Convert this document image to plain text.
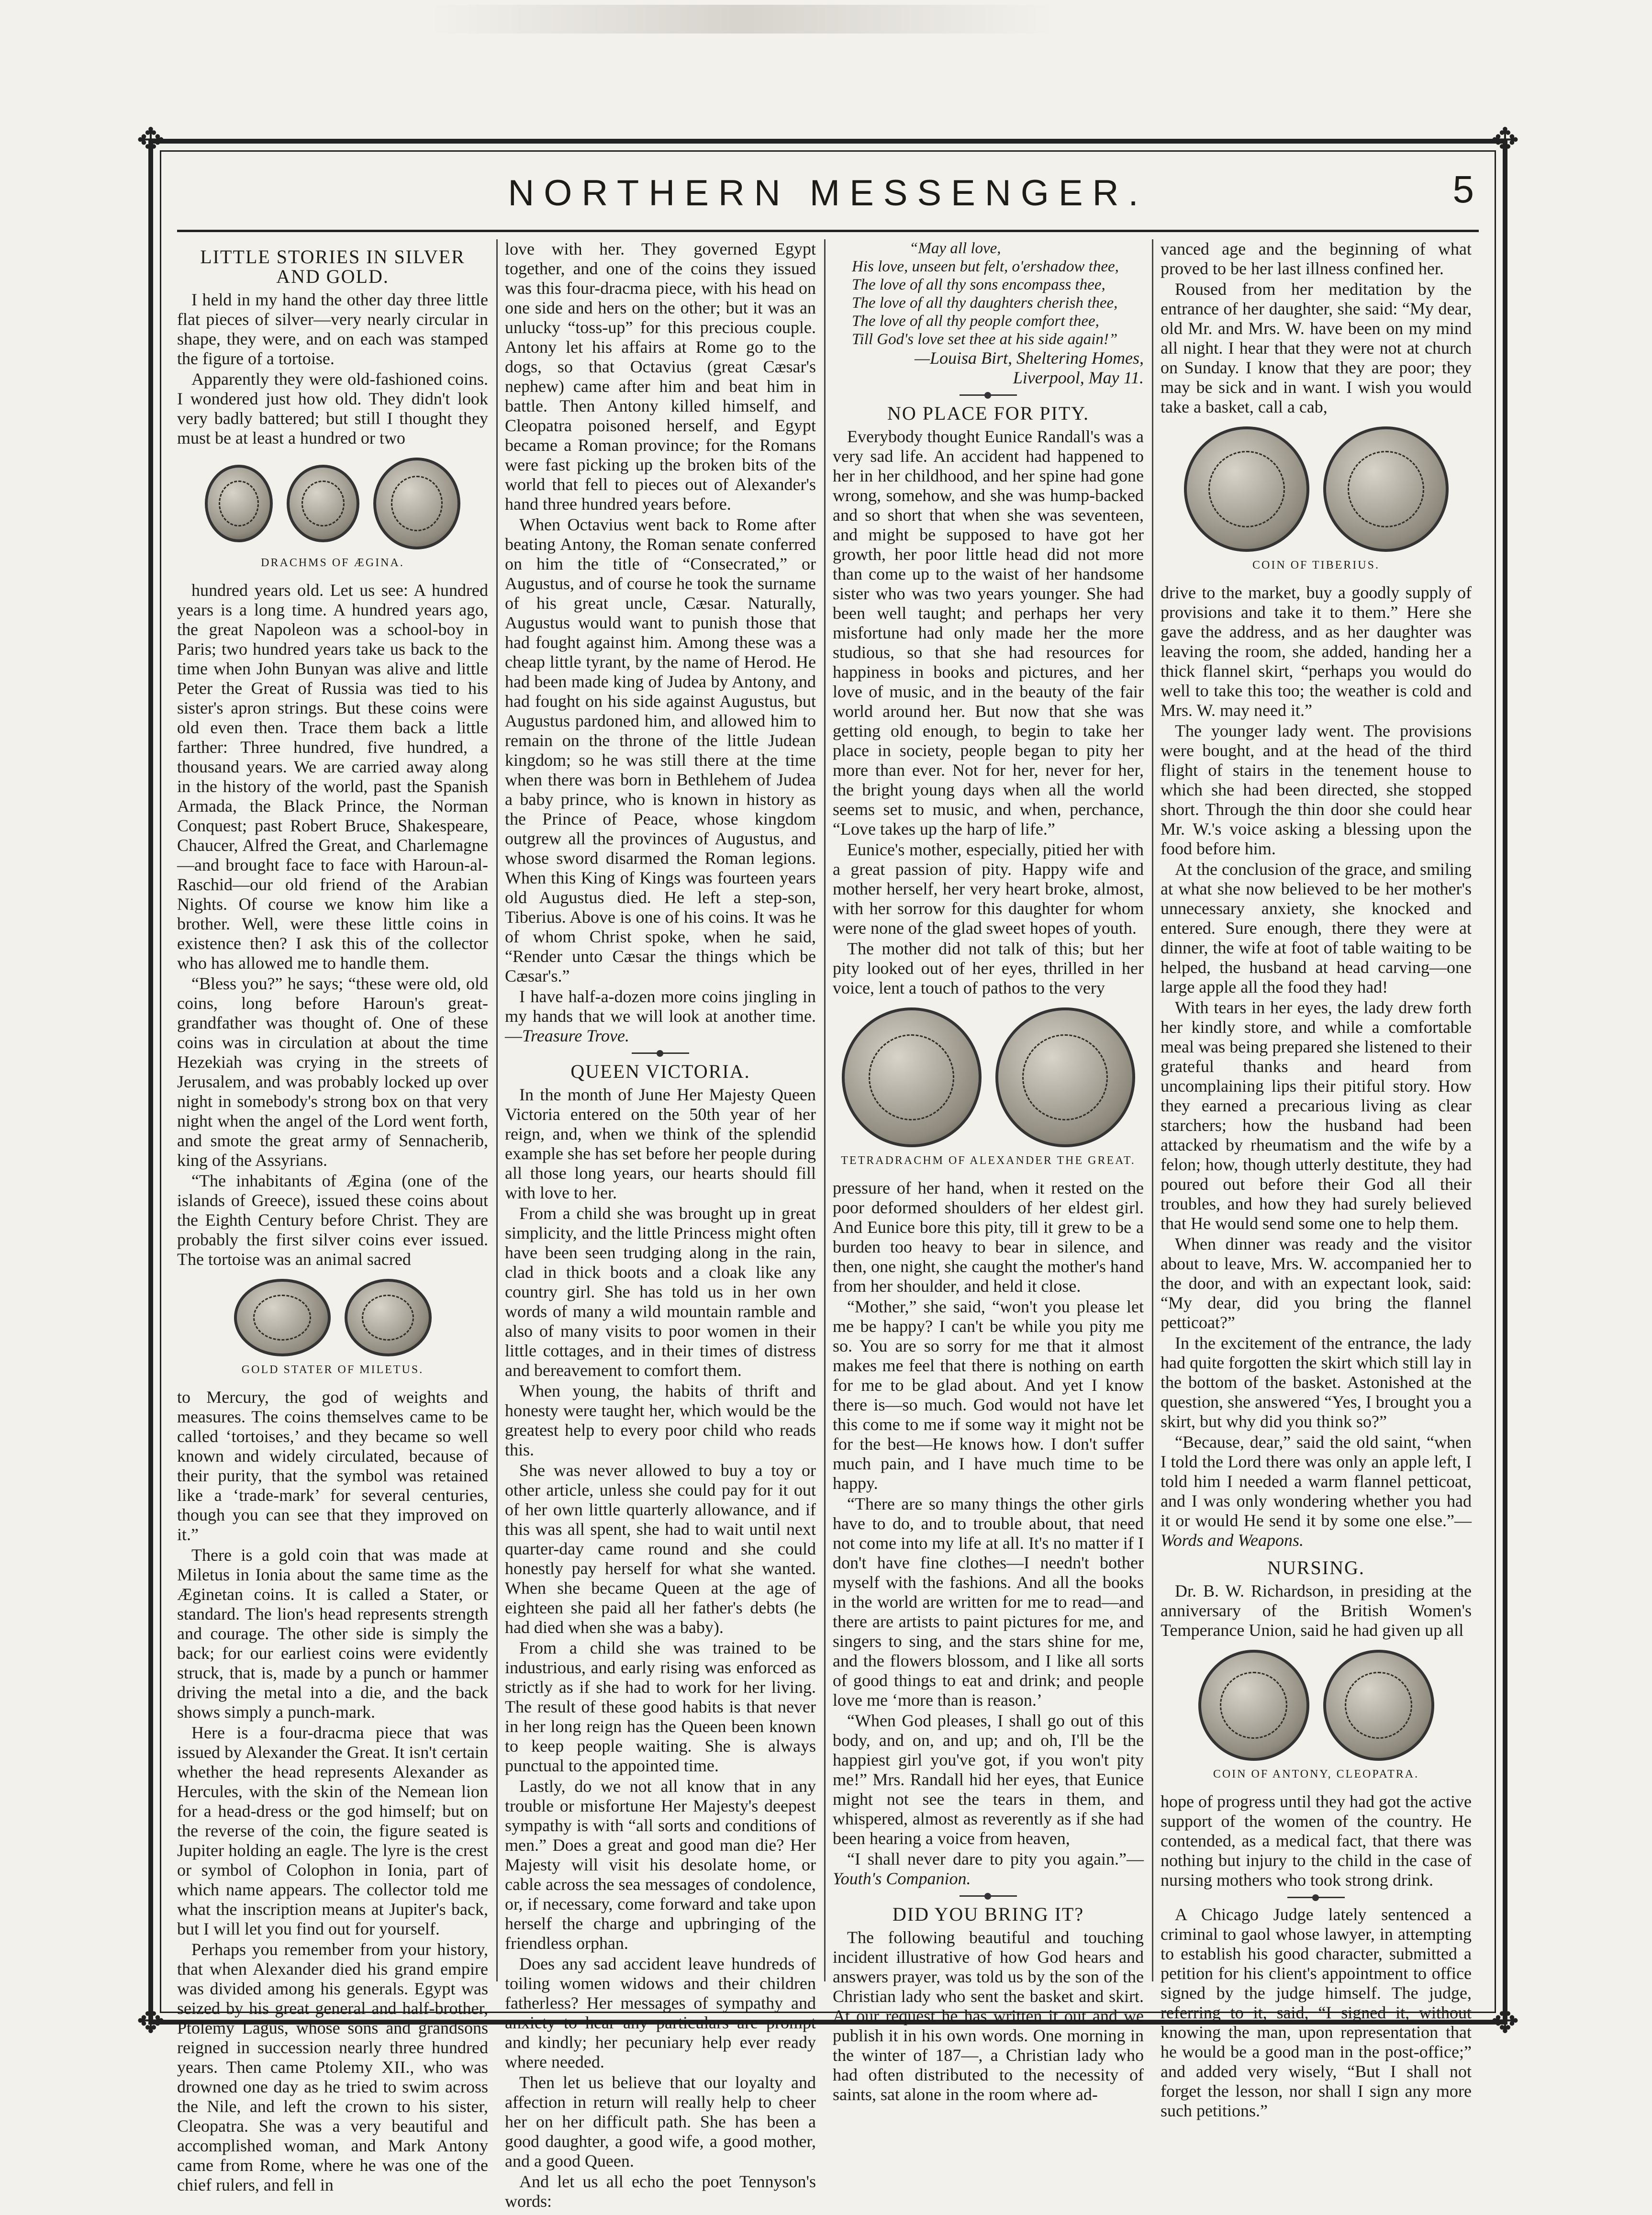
✥	✥
✥	✥
NORTHERN MESSENGER.	5
LITTLE STORIES IN SILVER AND GOLD.

I held in my hand the other day three little flat pieces of silver—very nearly circular in shape, they were, and on each was stamped the figure of a tortoise.

Apparently they were old-fashioned coins. I wondered just how old. They didn't look very badly battered; but still I thought they must be at least a hundred or two

DRACHMS OF ÆGINA.

hundred years old. Let us see: A hundred years is a long time. A hundred years ago, the great Napoleon was a school-boy in Paris; two hundred years take us back to the time when John Bunyan was alive and little Peter the Great of Russia was tied to his sister's apron strings. But these coins were old even then. Trace them back a little farther: Three hundred, five hundred, a thousand years. We are carried away along in the history of the world, past the Spanish Armada, the Black Prince, the Norman Conquest; past Robert Bruce, Shakespeare, Chaucer, Alfred the Great, and Charlemagne—and brought face to face with Haroun-al-Raschid—our old friend of the Arabian Nights. Of course we know him like a brother. Well, were these little coins in existence then? I ask this of the collector who has allowed me to handle them.

“Bless you?” he says; “these were old, old coins, long before Haroun's great-grandfather was thought of. One of these coins was in circulation at about the time Hezekiah was crying in the streets of Jerusalem, and was probably locked up over night in somebody's strong box on that very night when the angel of the Lord went forth, and smote the great army of Sennacherib, king of the Assyrians.

“The inhabitants of Ægina (one of the islands of Greece), issued these coins about the Eighth Century before Christ. They are probably the first silver coins ever issued. The tortoise was an animal sacred

GOLD STATER OF MILETUS.

to Mercury, the god of weights and measures. The coins themselves came to be called ‘tortoises,’ and they became so well known and widely circulated, because of their purity, that the symbol was retained like a ‘trade-mark’ for several centuries, though you can see that they improved on it.”

There is a gold coin that was made at Miletus in Ionia about the same time as the Æginetan coins. It is called a Stater, or standard. The lion's head represents strength and courage. The other side is simply the back; for our earliest coins were evidently struck, that is, made by a punch or hammer driving the metal into a die, and the back shows simply a punch-mark.

Here is a four-dracma piece that was issued by Alexander the Great. It isn't certain whether the head represents Alexander as Hercules, with the skin of the Nemean lion for a head-dress or the god himself; but on the reverse of the coin, the figure seated is Jupiter holding an eagle. The lyre is the crest or symbol of Colophon in Ionia, part of which name appears. The collector told me what the inscription means at Jupiter's back, but I will let you find out for yourself.

Perhaps you remember from your history, that when Alexander died his grand empire was divided among his generals. Egypt was seized by his great general and half-brother, Ptolemy Lagus, whose sons and grandsons reigned in succession nearly three hundred years. Then came Ptolemy XII., who was drowned one day as he tried to swim across the Nile, and left the crown to his sister, Cleopatra. She was a very beautiful and accomplished woman, and Mark Antony came from Rome, where he was one of the chief rulers, and fell in

love with her. They governed Egypt together, and one of the coins they issued was this four-dracma piece, with his head on one side and hers on the other; but it was an unlucky “toss-up” for this precious couple. Antony let his affairs at Rome go to the dogs, so that Octavius (great Cæsar's nephew) came after him and beat him in battle. Then Antony killed himself, and Cleopatra poisoned herself, and Egypt became a Roman province; for the Romans were fast picking up the broken bits of the world that fell to pieces out of Alexander's hand three hundred years before.

When Octavius went back to Rome after beating Antony, the Roman senate conferred on him the title of “Consecrated,” or Augustus, and of course he took the surname of his great uncle, Cæsar. Naturally, Augustus would want to punish those that had fought against him. Among these was a cheap little tyrant, by the name of Herod. He had been made king of Judea by Antony, and had fought on his side against Augustus, but Augustus pardoned him, and allowed him to remain on the throne of the little Judean kingdom; so he was still there at the time when there was born in Bethlehem of Judea a baby prince, who is known in history as the Prince of Peace, whose kingdom outgrew all the provinces of Augustus, and whose sword disarmed the Roman legions. When this King of Kings was fourteen years old Augustus died. He left a step-son, Tiberius. Above is one of his coins. It was he of whom Christ spoke, when he said, “Render unto Cæsar the things which be Cæsar's.”

I have half-a-dozen more coins jingling in my hands that we will look at another time.—Treasure Trove.

QUEEN VICTORIA.

In the month of June Her Majesty Queen Victoria entered on the 50th year of her reign, and, when we think of the splendid example she has set before her people during all those long years, our hearts should fill with love to her.

From a child she was brought up in great simplicity, and the little Princess might often have been seen trudging along in the rain, clad in thick boots and a cloak like any country girl. She has told us in her own words of many a wild mountain ramble and also of many visits to poor women in their little cottages, and in their times of distress and bereavement to comfort them.

When young, the habits of thrift and honesty were taught her, which would be the greatest help to every poor child who reads this.

She was never allowed to buy a toy or other article, unless she could pay for it out of her own little quarterly allowance, and if this was all spent, she had to wait until next quarter-day came round and she could honestly pay herself for what she wanted. When she became Queen at the age of eighteen she paid all her father's debts (he had died when she was a baby).

From a child she was trained to be industrious, and early rising was enforced as strictly as if she had to work for her living. The result of these good habits is that never in her long reign has the Queen been known to keep people waiting. She is always punctual to the appointed time.

Lastly, do we not all know that in any trouble or misfortune Her Majesty's deepest sympathy is with “all sorts and conditions of men.” Does a great and good man die? Her Majesty will visit his desolate home, or cable across the sea messages of condolence, or, if necessary, come forward and take upon herself the charge and upbringing of the friendless orphan.

Does any sad accident leave hundreds of toiling women widows and their children fatherless? Her messages of sympathy and anxiety to hear any particulars are prompt and kindly; her pecuniary help ever ready where needed.

Then let us believe that our loyalty and affection in return will really help to cheer her on her difficult path. She has been a good daughter, a good wife, a good mother, and a good Queen.

And let us all echo the poet Tennyson's words:

“May all love,
His love, unseen but felt, o'ershadow thee,
The love of all thy sons encompass thee,
The love of all thy daughters cherish thee,
The love of all thy people comfort thee,
Till God's love set thee at his side again!”

—Louisa Birt, Sheltering Homes, Liverpool, May 11.

NO PLACE FOR PITY.

Everybody thought Eunice Randall's was a very sad life. An accident had happened to her in her childhood, and her spine had gone wrong, somehow, and she was hump-backed and so short that when she was seventeen, and might be supposed to have got her growth, her poor little head did not more than come up to the waist of her handsome sister who was two years younger. She had been well taught; and perhaps her very misfortune had only made her the more studious, so that she had resources for happiness in books and pictures, and her love of music, and in the beauty of the fair world around her. But now that she was getting old enough, to begin to take her place in society, people began to pity her more than ever. Not for her, never for her, the bright young days when all the world seems set to music, and when, perchance, “Love takes up the harp of life.”

Eunice's mother, especially, pitied her with a great passion of pity. Happy wife and mother herself, her very heart broke, almost, with her sorrow for this daughter for whom were none of the glad sweet hopes of youth.

The mother did not talk of this; but her pity looked out of her eyes, thrilled in her voice, lent a touch of pathos to the very

TETRADRACHM OF ALEXANDER THE GREAT.

pressure of her hand, when it rested on the poor deformed shoulders of her eldest girl. And Eunice bore this pity, till it grew to be a burden too heavy to bear in silence, and then, one night, she caught the mother's hand from her shoulder, and held it close.

“Mother,” she said, “won't you please let me be happy? I can't be while you pity me so. You are so sorry for me that it almost makes me feel that there is nothing on earth for me to be glad about. And yet I know there is—so much. God would not have let this come to me if some way it might not be for the best—He knows how. I don't suffer much pain, and I have much time to be happy.

“There are so many things the other girls have to do, and to trouble about, that need not come into my life at all. It's no matter if I don't have fine clothes—I needn't bother myself with the fashions. And all the books in the world are written for me to read—and there are artists to paint pictures for me, and singers to sing, and the stars shine for me, and the flowers blossom, and I like all sorts of good things to eat and drink; and people love me ‘more than is reason.’

“When God pleases, I shall go out of this body, and on, and up; and oh, I'll be the happiest girl you've got, if you won't pity me!” Mrs. Randall hid her eyes, that Eunice might not see the tears in them, and whispered, almost as reverently as if she had been hearing a voice from heaven,

“I shall never dare to pity you again.”—Youth's Companion.

DID YOU BRING IT?

The following beautiful and touching incident illustrative of how God hears and answers prayer, was told us by the son of the Christian lady who sent the basket and skirt. At our request he has written it out and we publish it in his own words. One morning in the winter of 187—, a Christian lady who had often distributed to the necessity of saints, sat alone in the room where ad-

vanced age and the beginning of what proved to be her last illness confined her.

Roused from her meditation by the entrance of her daughter, she said: “My dear, old Mr. and Mrs. W. have been on my mind all night. I hear that they were not at church on Sunday. I know that they are poor; they may be sick and in want. I wish you would take a basket, call a cab,

COIN OF TIBERIUS.

drive to the market, buy a goodly supply of provisions and take it to them.” Here she gave the address, and as her daughter was leaving the room, she added, handing her a thick flannel skirt, “perhaps you would do well to take this too; the weather is cold and Mrs. W. may need it.”

The younger lady went. The provisions were bought, and at the head of the third flight of stairs in the tenement house to which she had been directed, she stopped short. Through the thin door she could hear Mr. W.'s voice asking a blessing upon the food before him.

At the conclusion of the grace, and smiling at what she now believed to be her mother's unnecessary anxiety, she knocked and entered. Sure enough, there they were at dinner, the wife at foot of table waiting to be helped, the husband at head carving—one large apple all the food they had!

With tears in her eyes, the lady drew forth her kindly store, and while a comfortable meal was being prepared she listened to their grateful thanks and heard from uncomplaining lips their pitiful story. How they earned a precarious living as clear starchers; how the husband had been attacked by rheumatism and the wife by a felon; how, though utterly destitute, they had poured out before their God all their troubles, and how they had surely believed that He would send some one to help them.

When dinner was ready and the visitor about to leave, Mrs. W. accompanied her to the door, and with an expectant look, said: “My dear, did you bring the flannel petticoat?”

In the excitement of the entrance, the lady had quite forgotten the skirt which still lay in the bottom of the basket. Astonished at the question, she answered “Yes, I brought you a skirt, but why did you think so?”

“Because, dear,” said the old saint, “when I told the Lord there was only an apple left, I told him I needed a warm flannel petticoat, and I was only wondering whether you had it or would He send it by some one else.”—Words and Weapons.

NURSING.

Dr. B. W. Richardson, in presiding at the anniversary of the British Women's Temperance Union, said he had given up all

COIN OF ANTONY, CLEOPATRA.

hope of progress until they had got the active support of the women of the country. He contended, as a medical fact, that there was nothing but injury to the child in the case of nursing mothers who took strong drink.

A Chicago Judge lately sentenced a criminal to gaol whose lawyer, in attempting to establish his good character, submitted a petition for his client's appointment to office signed by the judge himself. The judge, referring to it, said, “I signed it, without knowing the man, upon representation that he would be a good man in the post-office;” and added very wisely, “But I shall not forget the lesson, nor shall I sign any more such petitions.”
